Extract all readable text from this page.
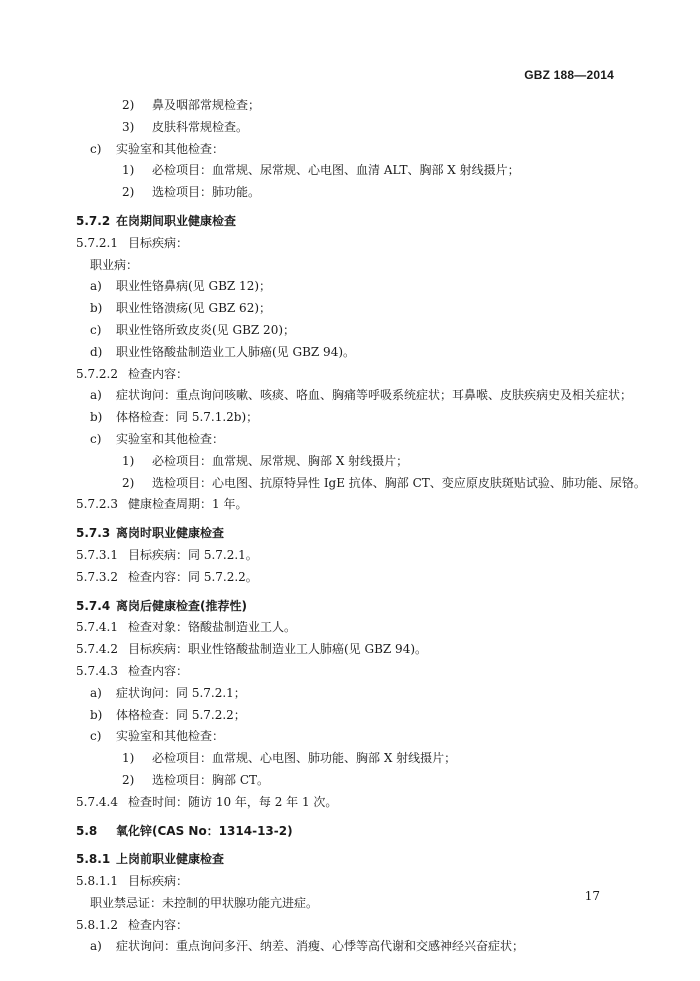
GBZ 188—2014
2) 鼻及咽部常规检查；
3) 皮肤科常规检查。
c) 实验室和其他检查：
1) 必检项目：血常规、尿常规、心电图、血清 ALT、胸部 X 射线摄片；
2) 选检项目：肺功能。
5.7.2 在岗期间职业健康检查
5.7.2.1 目标疾病：
职业病：
a) 职业性铬鼻病(见 GBZ 12)；
b) 职业性铬溃疡(见 GBZ 62)；
c) 职业性铬所致皮炎(见 GBZ 20)；
d) 职业性铬酸盐制造业工人肺癌(见 GBZ 94)。
5.7.2.2 检查内容：
a) 症状询问：重点询问咳嗽、咳痰、咯血、胸痛等呼吸系统症状；耳鼻喉、皮肤疾病史及相关症状；
b) 体格检查：同 5.7.1.2b)；
c) 实验室和其他检查：
1) 必检项目：血常规、尿常规、胸部 X 射线摄片；
2) 选检项目：心电图、抗原特异性 IgE 抗体、胸部 CT、变应原皮肤斑贴试验、肺功能、尿铬。
5.7.2.3 健康检查周期：1 年。
5.7.3 离岗时职业健康检查
5.7.3.1 目标疾病：同 5.7.2.1。
5.7.3.2 检查内容：同 5.7.2.2。
5.7.4 离岗后健康检查(推荐性)
5.7.4.1 检查对象：铬酸盐制造业工人。
5.7.4.2 目标疾病：职业性铬酸盐制造业工人肺癌(见 GBZ 94)。
5.7.4.3 检查内容：
a) 症状询问：同 5.7.2.1；
b) 体格检查：同 5.7.2.2；
c) 实验室和其他检查：
1) 必检项目：血常规、心电图、肺功能、胸部 X 射线摄片；
2) 选检项目：胸部 CT。
5.7.4.4 检查时间：随访 10 年，每 2 年 1 次。
5.8 氧化锌(CAS No：1314-13-2)
5.8.1 上岗前职业健康检查
5.8.1.1 目标疾病：
职业禁忌证：未控制的甲状腺功能亢进症。
5.8.1.2 检查内容：
a) 症状询问：重点询问多汗、纳差、消瘦、心悸等高代谢和交感神经兴奋症状；
17
